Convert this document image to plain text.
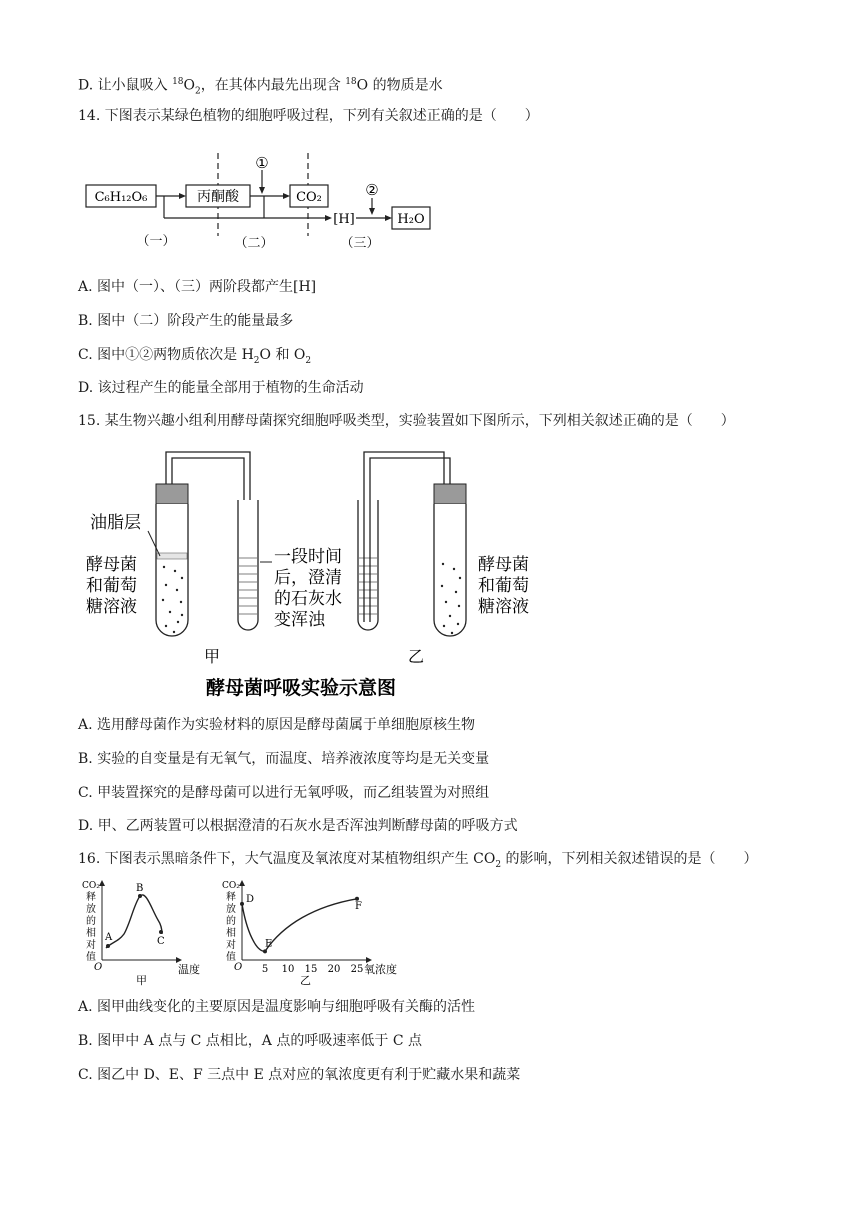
D. 让小鼠吸入 $^{18}O_2$，在其体内最先出现含 $^{18}$O 的物质是水
14. 下图表示某绿色植物的细胞呼吸过程，下列有关叙述正确的是（　　）
C₆H₁₂O₆	丙酮酸	CO₂
H₂O
[H]
①
②
（一）	（二）	（三）
A. 图中（一）、（三）两阶段都产生[H]
B. 图中（二）阶段产生的能量最多
C. 图中①②两物质依次是 $H_2O$ 和 $O_2$
D. 该过程产生的能量全部用于植物的生命活动
15. 某生物兴趣小组利用酵母菌探究细胞呼吸类型，实验装置如下图所示，下列相关叙述正确的是（　　）
油脂层
酵母菌
和葡萄
糖溶液
一段时间
后，澄清
的石灰水
变浑浊
酵母菌
和葡萄
糖溶液
甲	乙
酵母菌呼吸实验示意图
A. 选用酵母菌作为实验材料的原因是酵母菌属于单细胞原核生物
B. 实验的自变量是有无氧气，而温度、培养液浓度等均是无关变量
C. 甲装置探究的是酵母菌可以进行无氧呼吸，而乙组装置为对照组
D. 甲、乙两装置可以根据澄清的石灰水是否浑浊判断酵母菌的呼吸方式
16. 下图表示黑暗条件下，大气温度及氧浓度对某植物组织产生 $CO_2$ 的影响，下列相关叙述错误的是（　　）
CO₂
释
放
的
相
对
值
O	温度
甲
A
B
C
CO₂
释
放
的
相
对
值
O 5 10 15 20 25 氧浓度
乙
D
E
F
A. 图甲曲线变化的主要原因是温度影响与细胞呼吸有关酶的活性
B. 图甲中 A 点与 C 点相比，A 点的呼吸速率低于 C 点
C. 图乙中 D、E、F 三点中 E 点对应的氧浓度更有利于贮藏水果和蔬菜
